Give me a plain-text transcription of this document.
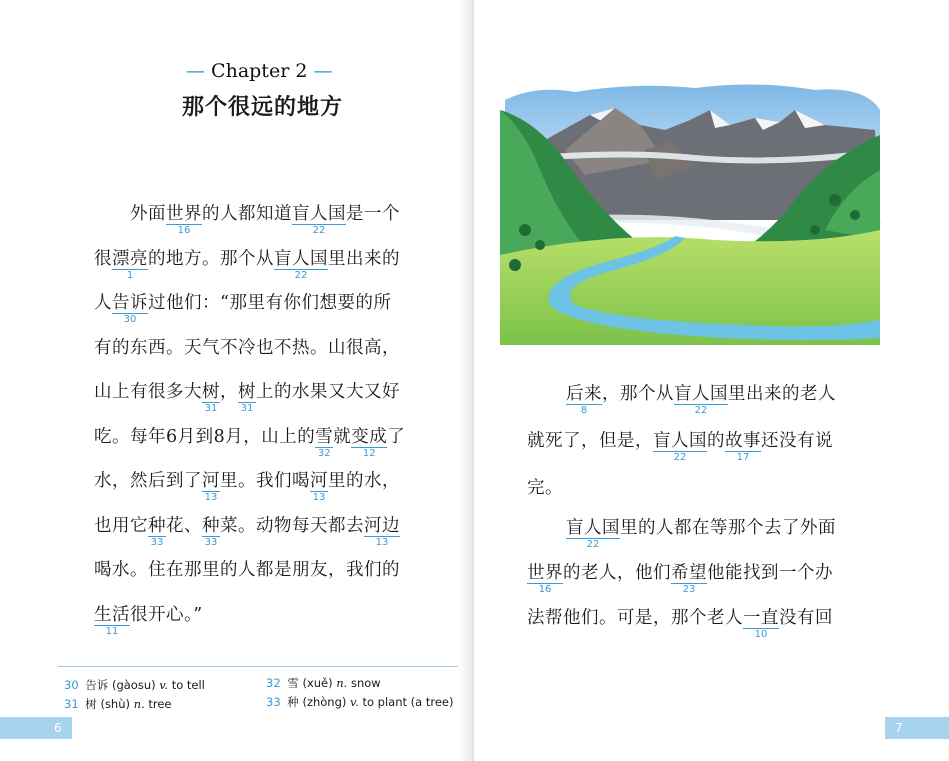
— Chapter 2 —
那个很远的地方
外面世界
16
的人都知道盲人国
22
是一个
很漂亮
1
的地方。那个从盲人国
22
里出来的
人告诉
30
过他们：“那里有你们想要的所
有的东西。天气不冷也不热。山很高，
山上有很多大树
31
，树
31
上的水果又大又好
吃。每年6月到8月，山上的雪
32
就变成
12
了
水，然后到了河
13
里。我们喝河
13
里的水，
也用它种
33
花、种
33
菜。动物每天都去河边
13
喝水。住在那里的人都是朋友，我们的
生活
11
很开心。”
30 告诉 (gàosu) v. to tell
31 树 (shù) n. tree
32 雪 (xuě) n. snow
33 种 (zhòng) v. to plant (a tree)
6
后来
8
，那个从盲人国
22
里出来的老人
就死了，但是，盲人国
22
的故事
17
还没有说
完。
盲人国
22
里的人都在等那个去了外面
世界
16
的老人，他们希望
23
他能找到一个办
法帮他们。可是，那个老人一直
10
没有回
7
